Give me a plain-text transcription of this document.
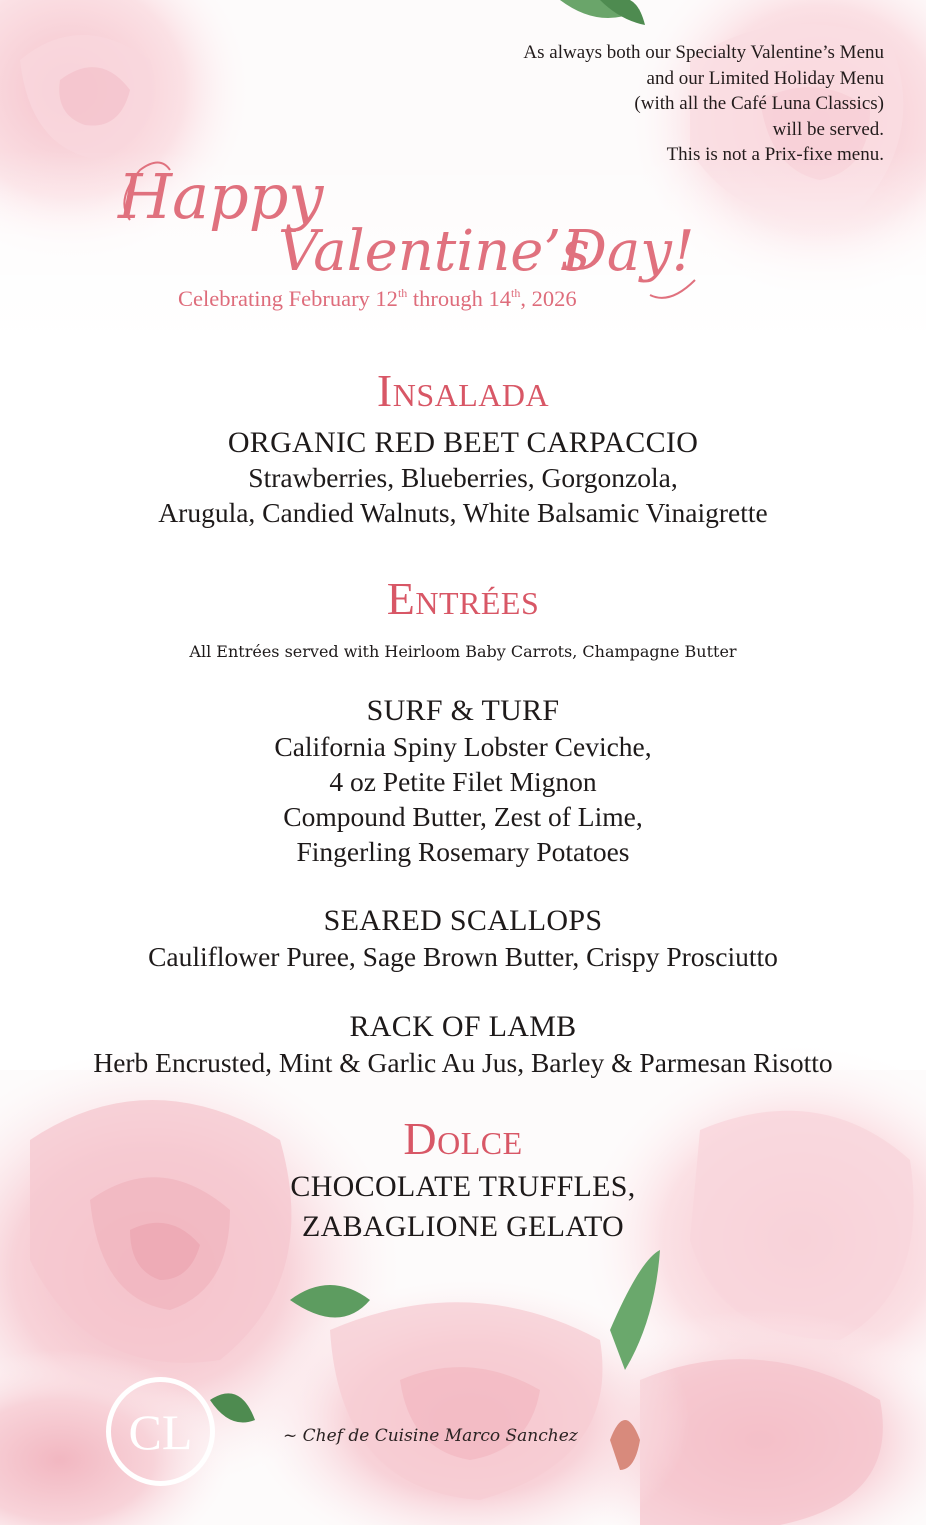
As always both our Specialty Valentine’s Menu
and our Limited Holiday Menu
(with all the Café Luna Classics)
will be served.
This is not a Prix-fixe menu.
Happy
Valentine’s
Day!
Celebrating February 12th through 14th, 2026
Insalada
ORGANIC RED BEET CARPACCIO
Strawberries, Blueberries, Gorgonzola,
Arugula, Candied Walnuts, White Balsamic Vinaigrette
Entrées
All Entrées served with Heirloom Baby Carrots, Champagne Butter
SURF & TURF
California Spiny Lobster Ceviche,
4 oz Petite Filet Mignon
Compound Butter, Zest of Lime,
Fingerling Rosemary Potatoes
SEARED SCALLOPS
Cauliflower Puree, Sage Brown Butter, Crispy Prosciutto
RACK OF LAMB
Herb Encrusted, Mint & Garlic Au Jus, Barley & Parmesan Risotto
Dolce
CHOCOLATE TRUFFLES,
ZABAGLIONE GELATO
CL	~ Chef de Cuisine Marco Sanchez
